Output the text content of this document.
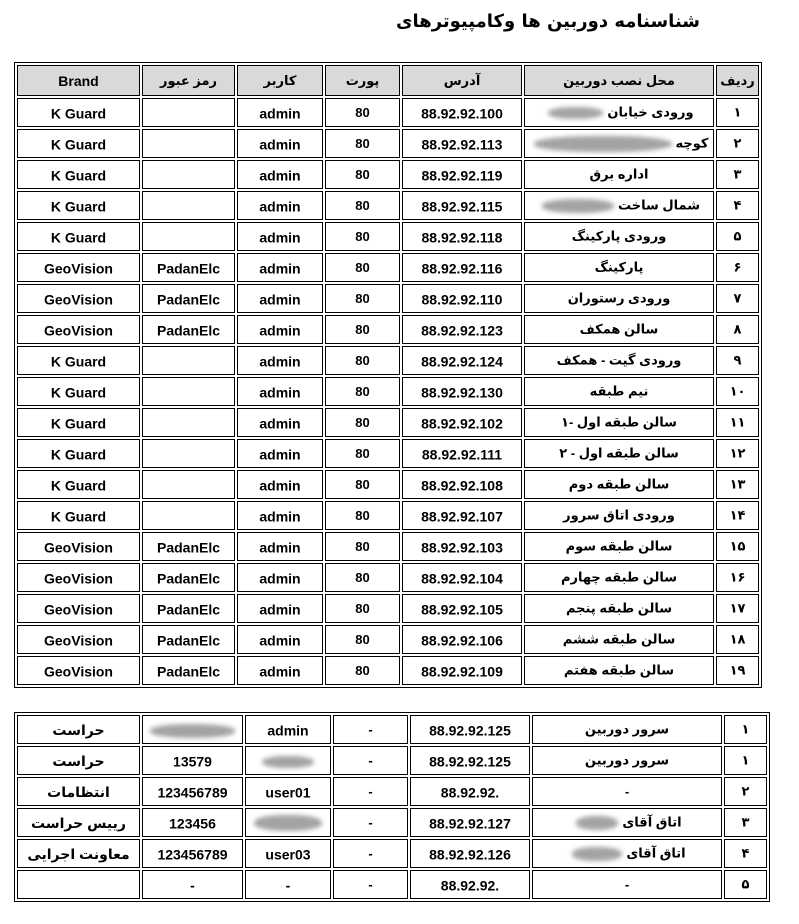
شناسنامه دوربین ها وکامپیوترهای
ردیف	محل نصب دوربین	آدرس	پورت	کاربر	رمز عبور	Brand
۱	ورودی خیابان	88.92.92.100	80	admin		K Guard
۲	کوچه	88.92.92.113	80	admin		K Guard
۳	اداره برق	88.92.92.119	80	admin		K Guard
۴	شمال ساخت	88.92.92.115	80	admin		K Guard
۵	ورودی پارکینگ	88.92.92.118	80	admin		K Guard
۶	پارکینگ	88.92.92.116	80	admin	PadanElc	GeoVision
۷	ورودی رستوران	88.92.92.110	80	admin	PadanElc	GeoVision
۸	سالن همکف	88.92.92.123	80	admin	PadanElc	GeoVision
۹	ورودی گیت - همکف	88.92.92.124	80	admin		K Guard
۱۰	نیم طبقه	88.92.92.130	80	admin		K Guard
۱۱	سالن طبقه اول -۱	88.92.92.102	80	admin		K Guard
۱۲	سالن طبقه اول - ۲	88.92.92.111	80	admin		K Guard
۱۳	سالن طبقه دوم	88.92.92.108	80	admin		K Guard
۱۴	ورودی اتاق سرور	88.92.92.107	80	admin		K Guard
۱۵	سالن طبقه سوم	88.92.92.103	80	admin	PadanElc	GeoVision
۱۶	سالن طبقه چهارم	88.92.92.104	80	admin	PadanElc	GeoVision
۱۷	سالن طبقه پنجم	88.92.92.105	80	admin	PadanElc	GeoVision
۱۸	سالن طبقه ششم	88.92.92.106	80	admin	PadanElc	GeoVision
۱۹	سالن طبقه هفتم	88.92.92.109	80	admin	PadanElc	GeoVision
۱	سرور دوربین	88.92.92.125	-	admin		حراست
۱	سرور دوربین	88.92.92.125	-		13579	حراست
۲	-	88.92.92.	-	user01	123456789	انتظامات
۳	اتاق آقای	88.92.92.127	-		123456	رییس حراست
۴	اتاق آقای	88.92.92.126	-	user03	123456789	معاونت اجرایی
۵	-	88.92.92.	-	-	-	
